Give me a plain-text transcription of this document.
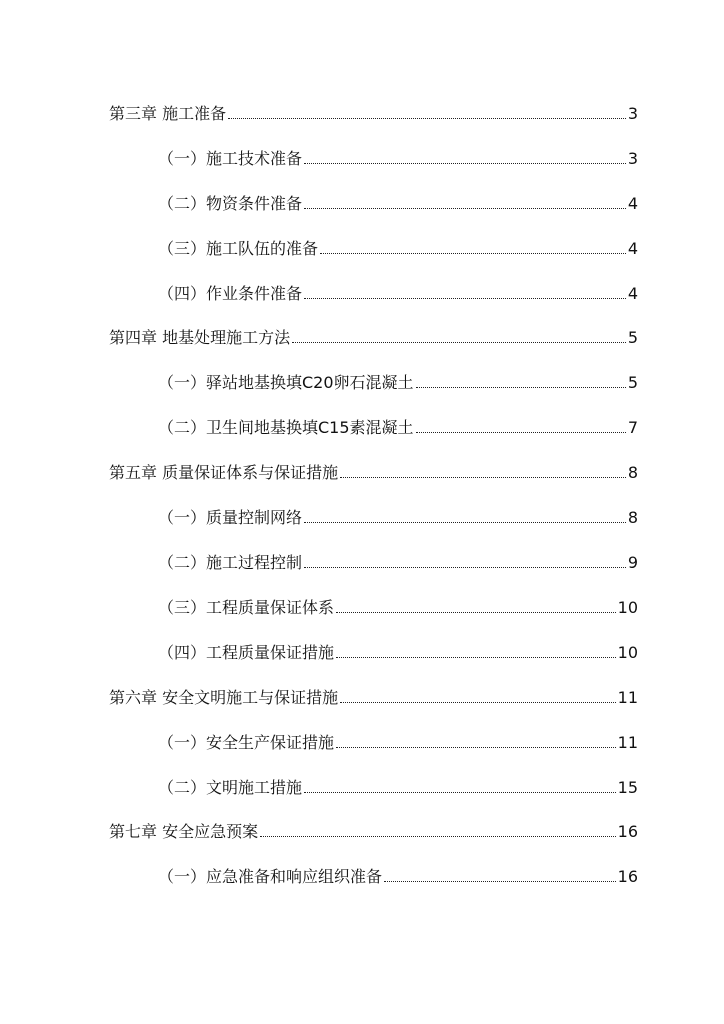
第三章 施工准备	3
（一）施工技术准备	3
（二）物资条件准备	4
（三）施工队伍的准备	4
（四）作业条件准备	4
第四章 地基处理施工方法	5
（一）驿站地基换填C20卵石混凝土	5
（二）卫生间地基换填C15素混凝土	7
第五章 质量保证体系与保证措施	8
（一）质量控制网络	8
（二）施工过程控制	9
（三）工程质量保证体系	10
（四）工程质量保证措施	10
第六章 安全文明施工与保证措施	11
（一）安全生产保证措施	11
（二）文明施工措施	15
第七章 安全应急预案	16
（一）应急准备和响应组织准备	16
